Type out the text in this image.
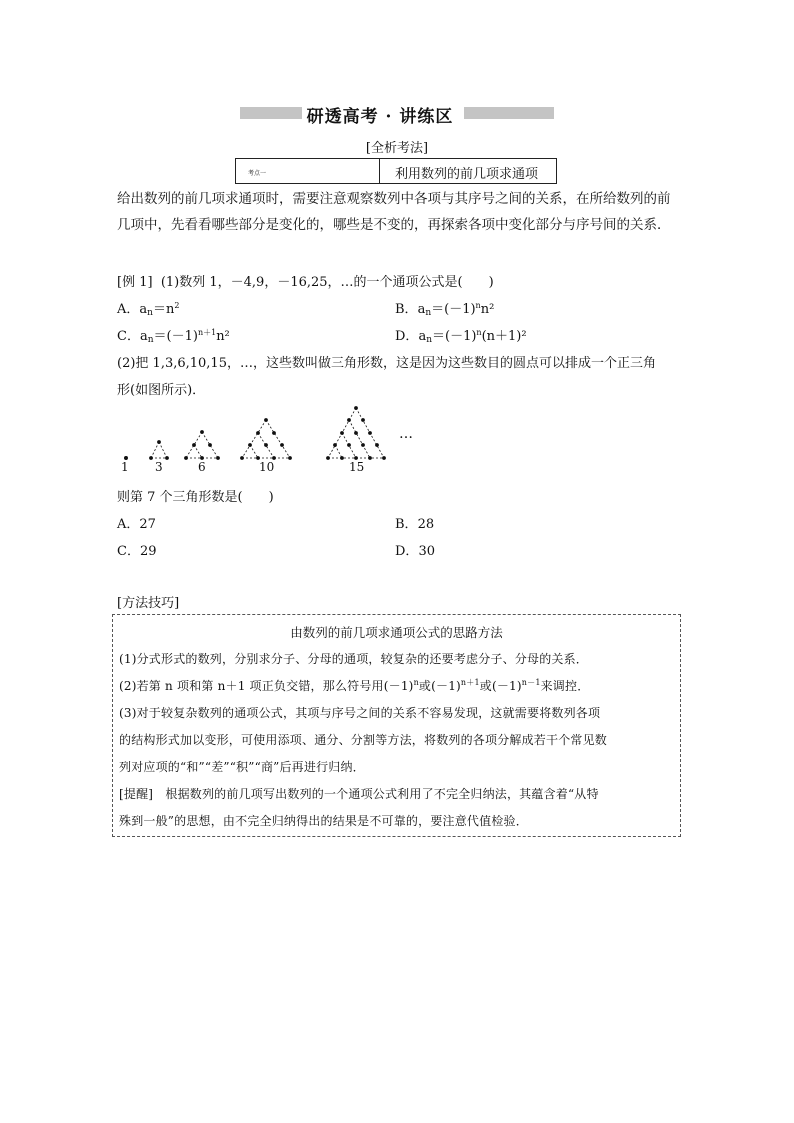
研透高考 · 讲练区
[全析考法]
考点一	利用数列的前几项求通项
给出数列的前几项求通项时，需要注意观察数列中各项与其序号之间的关系，在所给数列的前几项中，先看看哪些部分是变化的，哪些是不变的，再探索各项中变化部分与序号间的关系．
[例 1] (1)数列 1，－4,9，－16,25，…的一个通项公式是(　　)
A．$a_n=n^2$	B．$a_n=(-1)^nn^2$
C．$a_n=(-1)^{n+1}n^2$	D．$a_n=(-1)^n(n+1)^2$
(2)把 1,3,6,10,15，…，这些数叫做三角形数，这是因为这些数目的圆点可以排成一个正三角
形(如图所示)．
1 3	6	10	15
…
则第 7 个三角形数是(　　)
A．27	B．28
C．29	D．30
[方法技巧]
由数列的前几项求通项公式的思路方法
(1)分式形式的数列，分别求分子、分母的通项，较复杂的还要考虑分子、分母的关系．
(2)若第 n 项和第 n＋1 项正负交错，那么符号用$(-1)^n$或$(-1)^{n+1}$或$(-1)^{n-1}$来调控．
(3)对于较复杂数列的通项公式，其项与序号之间的关系不容易发现，这就需要将数列各项
的结构形式加以变形，可使用添项、通分、分割等方法，将数列的各项分解成若干个常见数
列对应项的“和”“差”“积”“商”后再进行归纳．
[提醒]　根据数列的前几项写出数列的一个通项公式利用了不完全归纳法，其蕴含着“从特
殊到一般”的思想，由不完全归纳得出的结果是不可靠的，要注意代值检验．
